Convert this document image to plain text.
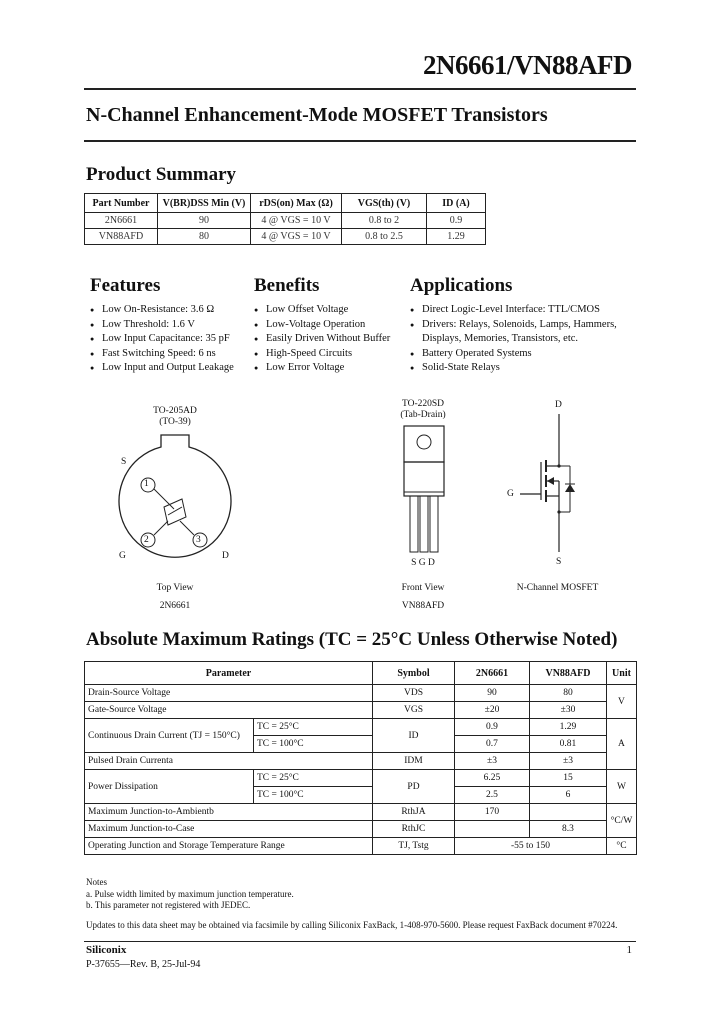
2N6661/VN88AFD
N-Channel Enhancement-Mode MOSFET Transistors
Product Summary
Part Number	V(BR)DSS Min (V)	rDS(on) Max (Ω)	VGS(th) (V)	ID (A)
2N6661	90	4 @ VGS = 10 V	0.8 to 2	0.9
VN88AFD	80	4 @ VGS = 10 V	0.8 to 2.5	1.29
Features
● Low On-Resistance: 3.6 Ω
● Low Threshold: 1.6 V
● Low Input Capacitance: 35 pF
● Fast Switching Speed: 6 ns
● Low Input and Output Leakage
Benefits
● Low Offset Voltage
● Low-Voltage Operation
● Easily Driven Without Buffer
● High-Speed Circuits
● Low Error Voltage
Applications
● Direct Logic-Level Interface: TTL/CMOS
● Drivers: Relays, Solenoids, Lamps, Hammers, Displays, Memories, Transistors, etc.
● Battery Operated Systems
● Solid-State Relays
TO-205AD
(TO-39)
S
1
2	3
G	D
Top View
2N6661
TO-220SD
(Tab-Drain)
S G D
Front View
VN88AFD
D
G
S
N-Channel MOSFET
Absolute Maximum Ratings (TC = 25°C Unless Otherwise Noted)
Parameter		Symbol	2N6661	VN88AFD	Unit
Drain-Source Voltage		VDS	90	80	V
Gate-Source Voltage		VGS	±20	±30	
Continuous Drain Current (TJ = 150°C)	TC = 25°C	ID	0.9	1.29	A
	TC = 100°C		0.7	0.81	
Pulsed Drain Currenta		IDM	±3	±3	
Power Dissipation	TC = 25°C	PD	6.25	15	W
	TC = 100°C		2.5	6	
Maximum Junction-to-Ambientb		RthJA	170		°C/W
Maximum Junction-to-Case		RthJC		8.3	
Operating Junction and Storage Temperature Range		TJ, Tstg	-55 to 150		°C
Notes
a. Pulse width limited by maximum junction temperature.
b. This parameter not registered with JEDEC.
Updates to this data sheet may be obtained via facsimile by calling Siliconix FaxBack, 1-408-970-5600. Please request FaxBack document #70224.
Siliconix	1
P-37655—Rev. B, 25-Jul-94
